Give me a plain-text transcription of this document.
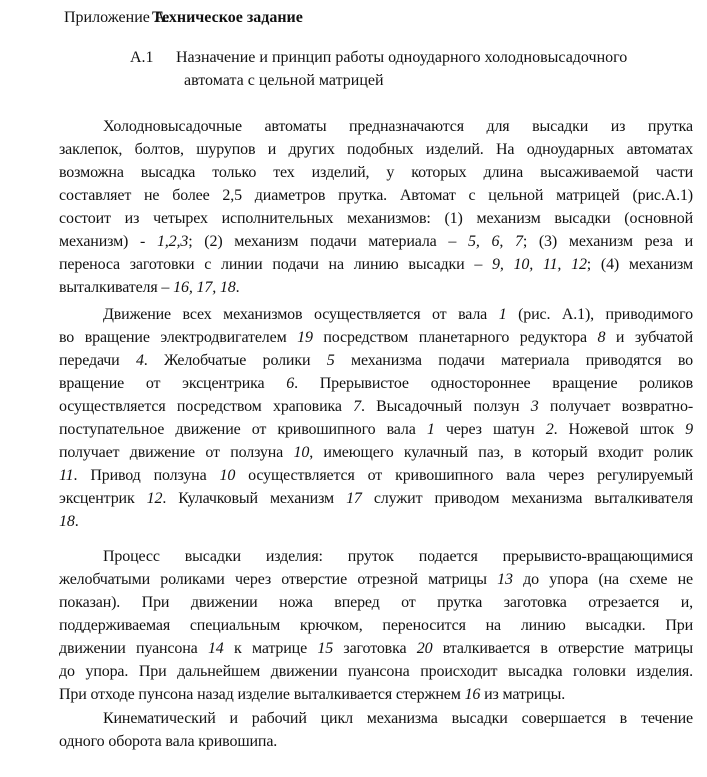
Приложение А.
Техническое задание
А.1 Назначение и принцип работы одноударного холодновысадочного
автомата с цельной матрицей
Холодновысадочные автоматы предназначаются для высадки из прутка
заклепок, болтов, шурупов и других подобных изделий. На одноударных автоматах
возможна высадка только тех изделий, у которых длина высаживаемой части
составляет не более 2,5 диаметров прутка. Автомат с цельной матрицей (рис.А.1)
состоит из четырех исполнительных механизмов: (1) механизм высадки (основной
механизм) - 1,2,3; (2) механизм подачи материала – 5, 6, 7; (3) механизм реза и
переноса заготовки с линии подачи на линию высадки – 9, 10, 11, 12; (4) механизм
выталкивателя – 16, 17, 18.
Движение всех механизмов осуществляется от вала 1 (рис. А.1), приводимого
во вращение электродвигателем 19 посредством планетарного редуктора 8 и зубчатой
передачи 4. Желобчатые ролики 5 механизма подачи материала приводятся во
вращение от эксцентрика 6. Прерывистое одностороннее вращение роликов
осуществляется посредством храповика 7. Высадочный ползун 3 получает возвратно-
поступательное движение от кривошипного вала 1 через шатун 2. Ножевой шток 9
получает движение от ползуна 10, имеющего кулачный паз, в который входит ролик
11. Привод ползуна 10 осуществляется от кривошипного вала через регулируемый
эксцентрик 12. Кулачковый механизм 17 служит приводом механизма выталкивателя
18.
Процесс высадки изделия: пруток подается прерывисто-вращающимися
желобчатыми роликами через отверстие отрезной матрицы 13 до упора (на схеме не
показан). При движении ножа вперед от прутка заготовка отрезается и,
поддерживаемая специальным крючком, переносится на линию высадки. При
движении пуансона 14 к матрице 15 заготовка 20 вталкивается в отверстие матрицы
до упора. При дальнейшем движении пуансона происходит высадка головки изделия.
При отходе пунсона назад изделие выталкивается стержнем 16 из матрицы.
Кинематический и рабочий цикл механизма высадки совершается в течение
одного оборота вала кривошипа.
